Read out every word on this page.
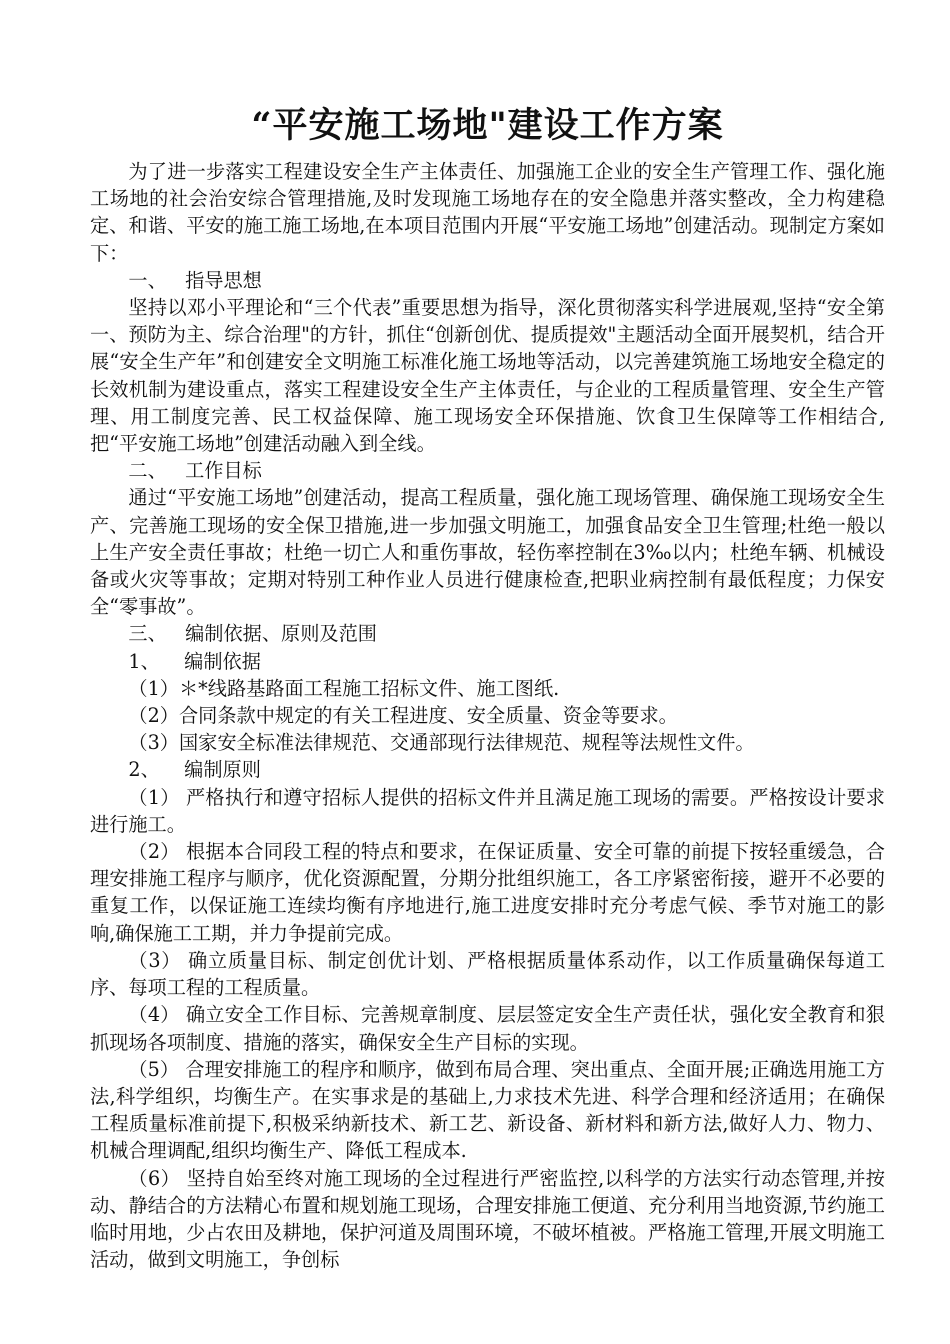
“平安施工场地"建设工作方案

为了进一步落实工程建设安全生产主体责任、加强施工企业的安全生产管理工作、强化施工场地的社会治安综合管理措施,及时发现施工场地存在的安全隐患并落实整改，全力构建稳定、和谐、平安的施工施工场地,在本项目范围内开展“平安施工场地”创建活动。现制定方案如下：

一、   指导思想

坚持以邓小平理论和“三个代表”重要思想为指导，深化贯彻落实科学进展观,坚持“安全第一、预防为主、综合治理"的方针，抓住“创新创优、提质提效"主题活动全面开展契机，结合开展“安全生产年”和创建安全文明施工标准化施工场地等活动，以完善建筑施工场地安全稳定的长效机制为建设重点，落实工程建设安全生产主体责任，与企业的工程质量管理、安全生产管理、用工制度完善、民工权益保障、施工现场安全环保措施、饮食卫生保障等工作相结合,把“平安施工场地”创建活动融入到全线。

二、   工作目标

通过“平安施工场地”创建活动，提高工程质量，强化施工现场管理、确保施工现场安全生产、完善施工现场的安全保卫措施,进一步加强文明施工，加强食品安全卫生管理;杜绝一般以上生产安全责任事故；杜绝一切亡人和重伤事故，轻伤率控制在3‰以内；杜绝车辆、机械设备或火灾等事故；定期对特别工种作业人员进行健康检查,把职业病控制有最低程度；力保安全“零事故”。

三、   编制依据、原则及范围

1、    编制依据

（1）＊*线路基路面工程施工招标文件、施工图纸.

（2）合同条款中规定的有关工程进度、安全质量、资金等要求。

（3）国家安全标准法律规范、交通部现行法律规范、规程等法规性文件。

2、    编制原则

（1） 严格执行和遵守招标人提供的招标文件并且满足施工现场的需要。严格按设计要求进行施工。

（2） 根据本合同段工程的特点和要求，在保证质量、安全可靠的前提下按轻重缓急，合理安排施工程序与顺序，优化资源配置，分期分批组织施工，各工序紧密衔接，避开不必要的重复工作，以保证施工连续均衡有序地进行,施工进度安排时充分考虑气候、季节对施工的影响,确保施工工期，并力争提前完成。

（3） 确立质量目标、制定创优计划、严格根据质量体系动作，以工作质量确保每道工序、每项工程的工程质量。

（4） 确立安全工作目标、完善规章制度、层层签定安全生产责任状，强化安全教育和狠抓现场各项制度、措施的落实，确保安全生产目标的实现。

（5） 合理安排施工的程序和顺序，做到布局合理、突出重点、全面开展;正确选用施工方法,科学组织，均衡生产。在实事求是的基础上,力求技术先进、科学合理和经济适用；在确保工程质量标准前提下,积极采纳新技术、新工艺、新设备、新材料和新方法,做好人力、物力、机械合理调配,组织均衡生产、降低工程成本.

（6） 坚持自始至终对施工现场的全过程进行严密监控,以科学的方法实行动态管理,并按动、静结合的方法精心布置和规划施工现场，合理安排施工便道、充分利用当地资源,节约施工临时用地，少占农田及耕地，保护河道及周围环境，不破坏植被。严格施工管理,开展文明施工活动，做到文明施工，争创标
